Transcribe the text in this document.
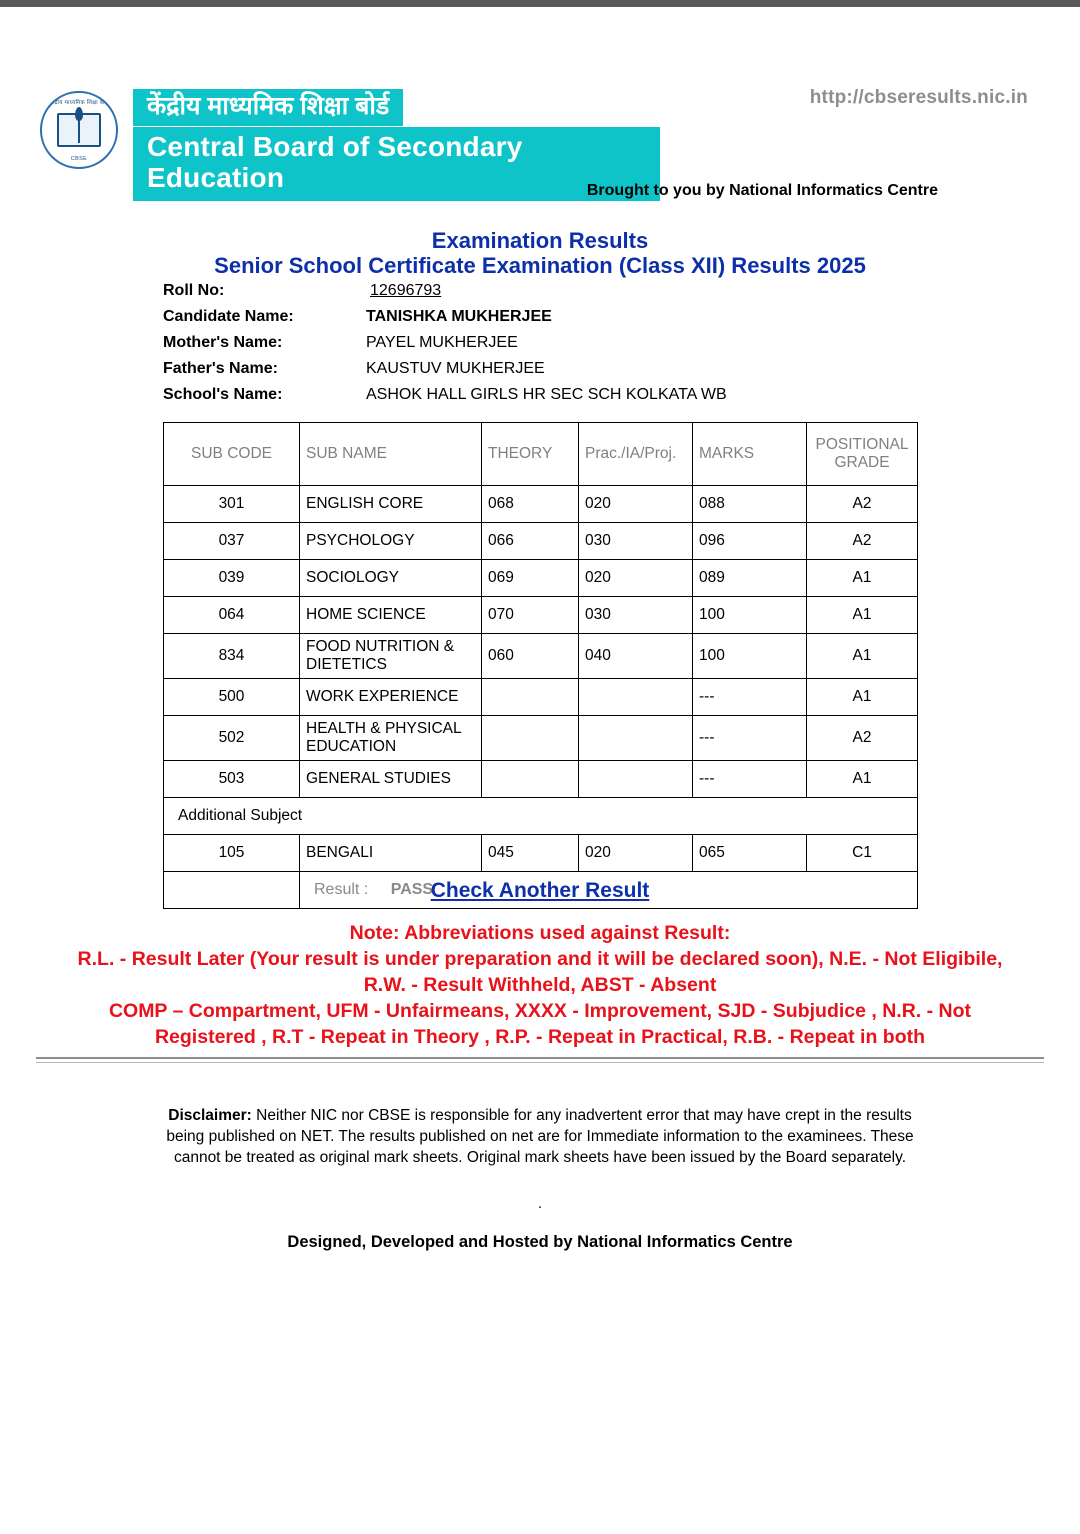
http://cbseresults.nic.in
केंद्रीय माध्यमिक शिक्षा बोर्ड
CBSE
केंद्रीय माध्यमिक शिक्षा बोर्ड
Central Board of Secondary Education	Brought to you by National Informatics Centre
Examination Results
Senior School Certificate Examination (Class XII) Results 2025
Roll No:	12696793
Candidate Name:	TANISHKA MUKHERJEE
Mother's Name:	PAYEL MUKHERJEE
Father's Name:	KAUSTUV MUKHERJEE
School's Name:	ASHOK HALL GIRLS HR SEC SCH KOLKATA WB
SUB CODE	SUB NAME	THEORY	Prac./IA/Proj.	MARKS	POSITIONAL GRADE
301	ENGLISH CORE	068	020	088	A2
037	PSYCHOLOGY	066	030	096	A2
039	SOCIOLOGY	069	020	089	A1
064	HOME SCIENCE	070	030	100	A1
834	FOOD NUTRITION & DIETETICS	060	040	100	A1
500	WORK EXPERIENCE			---	A1
502	HEALTH & PHYSICAL EDUCATION			---	A2
503	GENERAL STUDIES			---	A1
Additional Subject					
105	BENGALI	045	020	065	C1
	Result : PASS				
Check Another Result
Note: Abbreviations used against Result:
R.L. - Result Later (Your result is under preparation and it will be declared soon), N.E. - Not Eligibile,
R.W. - Result Withheld, ABST - Absent
COMP – Compartment, UFM - Unfairmeans, XXXX - Improvement, SJD - Subjudice , N.R. - Not
Registered , R.T - Repeat in Theory , R.P. - Repeat in Practical, R.B. - Repeat in both
Disclaimer: Neither NIC nor CBSE is responsible for any inadvertent error that may have crept in the results being published on NET. The results published on net are for Immediate information to the examinees. These cannot be treated as original mark sheets. Original mark sheets have been issued by the Board separately.
.
Designed, Developed and Hosted by National Informatics Centre
